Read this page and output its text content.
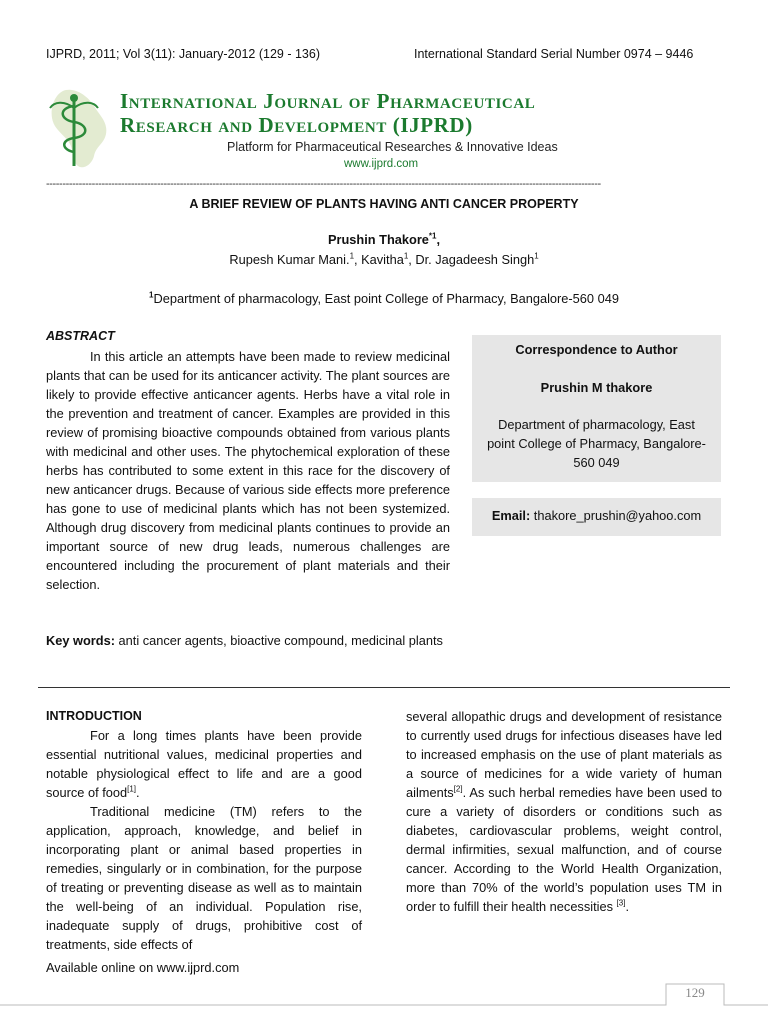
IJPRD, 2011; Vol 3(11): January-2012 (129 - 136)	International Standard Serial Number 0974 – 9446
International Journal of Pharmaceutical
Research and Development (IJPRD)
Platform for Pharmaceutical Researches & Innovative Ideas
www.ijprd.com
--------------------------------------------------------------------------------------------------------------------------------------------------------------------------
A BRIEF REVIEW OF PLANTS HAVING ANTI CANCER PROPERTY
Prushin Thakore$^{*1}$,
Rupesh Kumar Mani.$^1$, Kavitha$^1$, Dr. Jagadeesh Singh$^1$
$^1$Department of pharmacology, East point College of Pharmacy, Bangalore-560 049
ABSTRACT
In this article an attempts have been made to review medicinal plants that can be used for its anticancer activity. The plant sources are likely to provide effective anticancer agents. Herbs have a vital role in the prevention and treatment of cancer. Examples are provided in this review of promising bioactive compounds obtained from various plants with medicinal and other uses. The phytochemical exploration of these herbs has contributed to some extent in this race for the discovery of new anticancer drugs. Because of various side effects more preference has gone to use of medicinal plants which has not been systemized. Although drug discovery from medicinal plants continues to provide an important source of new drug leads, numerous challenges are encountered including the procurement of plant materials and their selection.
Key words: anti cancer agents, bioactive compound, medicinal plants
Correspondence to Author
Prushin M thakore
Department of pharmacology, East point College of Pharmacy, Bangalore-560 049
Email: thakore_prushin@yahoo.com
INTRODUCTION
For a long times plants have been provide essential nutritional values, medicinal properties and notable physiological effect to life and are a good source of food[1].
Traditional medicine (TM) refers to the application, approach, knowledge, and belief in incorporating plant or animal based properties in remedies, singularly or in combination, for the purpose of treating or preventing disease as well as to maintain the well-being of an individual. Population rise, inadequate supply of drugs, prohibitive cost of treatments, side effects of
several allopathic drugs and development of resistance to currently used drugs for infectious diseases have led to increased emphasis on the use of plant materials as a source of medicines for a wide variety of human ailments[2]. As such herbal remedies have been used to cure a variety of disorders or conditions such as diabetes, cardiovascular problems, weight control, dermal infirmities, sexual malfunction, and of course cancer. According to the World Health Organization, more than 70% of the world’s population uses TM in order to fulfill their health necessities [3].
Available online on www.ijprd.com
129
